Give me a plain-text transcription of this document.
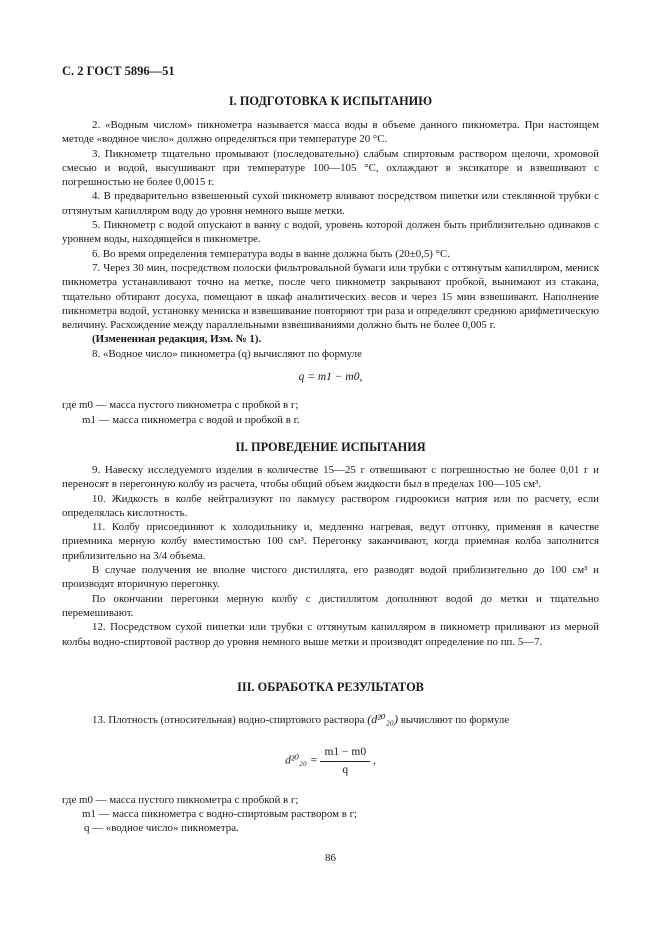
С. 2 ГОСТ 5896—51
I. ПОДГОТОВКА К ИСПЫТАНИЮ

2. «Водным числом» пикнометра называется масса воды в объеме данного пикнометра. При настоящем методе «водяное число» должно определяться при температуре 20 °С.

3. Пикнометр тщательно промывают (последовательно) слабым спиртовым раствором щелочи, хромовой смесью и водой, высушивают при температуре 100—105 °С, охлаждают в эксикаторе и взвешивают с погрешностью не более 0,0015 г.

4. В предварительно взвешенный сухой пикнометр вливают посредством пипетки или стеклянной трубки с оттянутым капилляром воду до уровня немного выше метки.

5. Пикнометр с водой опускают в ванну с водой, уровень которой должен быть приблизительно одинаков с уровнем воды, находящейся в пикнометре.

6. Во время определения температура воды в ванне должна быть (20±0,5) °С.

7. Через 30 мин, посредством полоски фильтровальной бумаги или трубки с оттянутым капилляром, мениск пикнометра устанавливают точно на метке, после чего пикнометр закрывают пробкой, вынимают из стакана, тщательно обтирают досуха, помещают в шкаф аналитических весов и через 15 мин взвешивают. Наполнение пикнометра водой, установку мениска и взвешивание повторяют три раза и определяют среднюю арифметическую величину. Расхождение между параллельными взвешиваниями должно быть не более 0,005 г.

(Измененная редакция, Изм. № 1).

8. «Водное число» пикнометра (q) вычисляют по формуле

q = m1 − m0,

где m0 — масса пустого пикнометра с пробкой в г;

m1 — масса пикнометра с водой и пробкой в г.

II. ПРОВЕДЕНИЕ ИСПЫТАНИЯ

9. Навеску исследуемого изделия в количестве 15—25 г отвешивают с погрешностью не более 0,01 г и переносят в перегонную колбу из расчета, чтобы общий объем жидкости был в пределах 100—105 см³.

10. Жидкость в колбе нейтрализуют по лакмусу раствором гидроокиси натрия или по расчету, если определялась кислотность.

11. Колбу присоединяют к холодильнику и, медленно нагревая, ведут отгонку, применяя в качестве приемника мерную колбу вместимостью 100 см³. Перегонку заканчивают, когда приемная колба заполнится приблизительно на 3/4 объема.

В случае получения не вполне чистого дистиллята, его разводят водой приблизительно до 100 см³ и производят вторичную перегонку.

По окончании перегонки мерную колбу с дистиллятом дополняют водой до метки и тщательно перемешивают.

12. Посредством сухой пипетки или трубки с оттянутым капилляром в пикнометр приливают из мерной колбы водно-спиртовой раствор до уровня немного выше метки и производят определение по пп. 5—7.

III. ОБРАБОТКА РЕЗУЛЬТАТОВ

13. Плотность (относительная) водно-спиртового раствора (d²⁰₂₀) вычисляют по формуле

$d^{20}_{20} = \frac{m1 - m0}{q}$ ,

где m0 — масса пустого пикнометра с пробкой в г;

m1 — масса пикнометра с водно-спиртовым раствором в г;

q — «водное число» пикнометра.

86
